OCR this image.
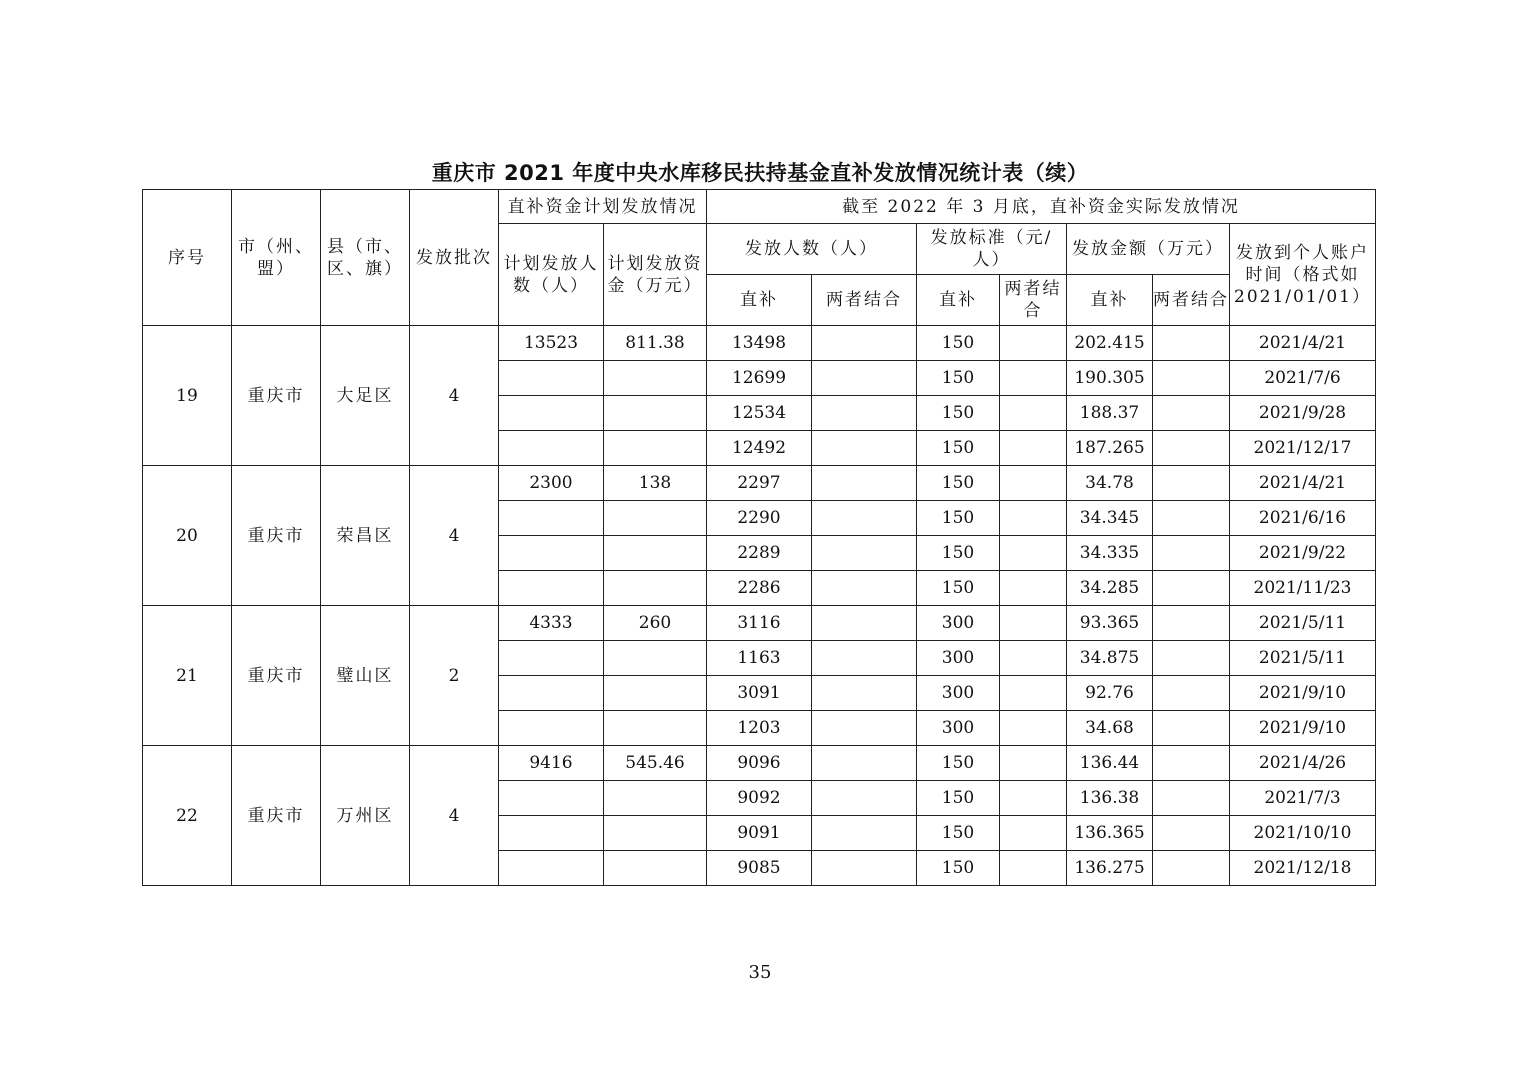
重庆市 2021 年度中央水库移民扶持基金直补发放情况统计表（续）
序号	市（州、盟）	县（市、区、旗）	发放批次	直补资金计划发放情况		截至 2022 年 3 月底，直补资金实际发放情况						
				计划发放人数（人）	计划发放资金（万元）	发放人数（人）		发放标准（元/人）		发放金额（万元）		发放到个人账户时间（格式如2021/01/01）
						直补	两者结合	直补	两者结合	直补	两者结合	
19	重庆市	大足区	4	13523	811.38	13498		150		202.415		2021/4/21
						12699		150		190.305		2021/7/6
						12534		150		188.37		2021/9/28
						12492		150		187.265		2021/12/17
20	重庆市	荣昌区	4	2300	138	2297		150		34.78		2021/4/21
						2290		150		34.345		2021/6/16
						2289		150		34.335		2021/9/22
						2286		150		34.285		2021/11/23
21	重庆市	璧山区	2	4333	260	3116		300		93.365		2021/5/11
						1163		300		34.875		2021/5/11
						3091		300		92.76		2021/9/10
						1203		300		34.68		2021/9/10
22	重庆市	万州区	4	9416	545.46	9096		150		136.44		2021/4/26
						9092		150		136.38		2021/7/3
						9091		150		136.365		2021/10/10
						9085		150		136.275		2021/12/18
35
